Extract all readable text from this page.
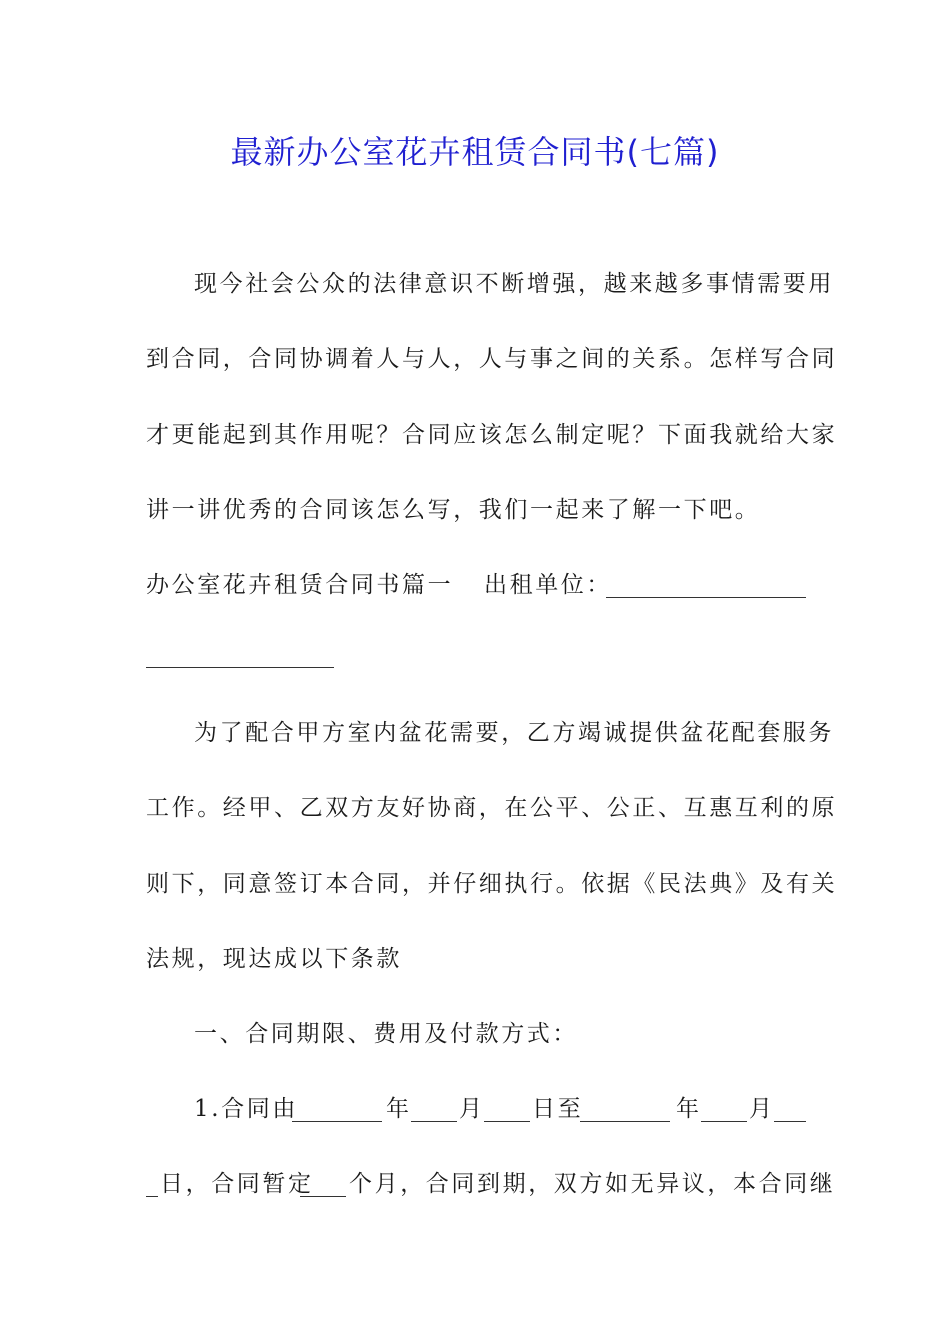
最新办公室花卉租赁合同书(七篇)
现今社会公众的法律意识不断增强，越来越多事情需要用
到合同，合同协调着人与人，人与事之间的关系。怎样写合同
才更能起到其作用呢？合同应该怎么制定呢？下面我就给大家
讲一讲优秀的合同该怎么写，我们一起来了解一下吧。
办公室花卉租赁合同书篇一 出租单位：
为了配合甲方室内盆花需要，乙方竭诚提供盆花配套服务
工作。经甲、乙双方友好协商，在公平、公正、互惠互利的原
则下，同意签订本合同，并仔细执行。依据《民法典》及有关
法规，现达成以下条款
一、合同期限、费用及付款方式：
1.合同由	年 月 日至	年 月
日，合同暂定 个月，合同到期，双方如无异议，本合同继
